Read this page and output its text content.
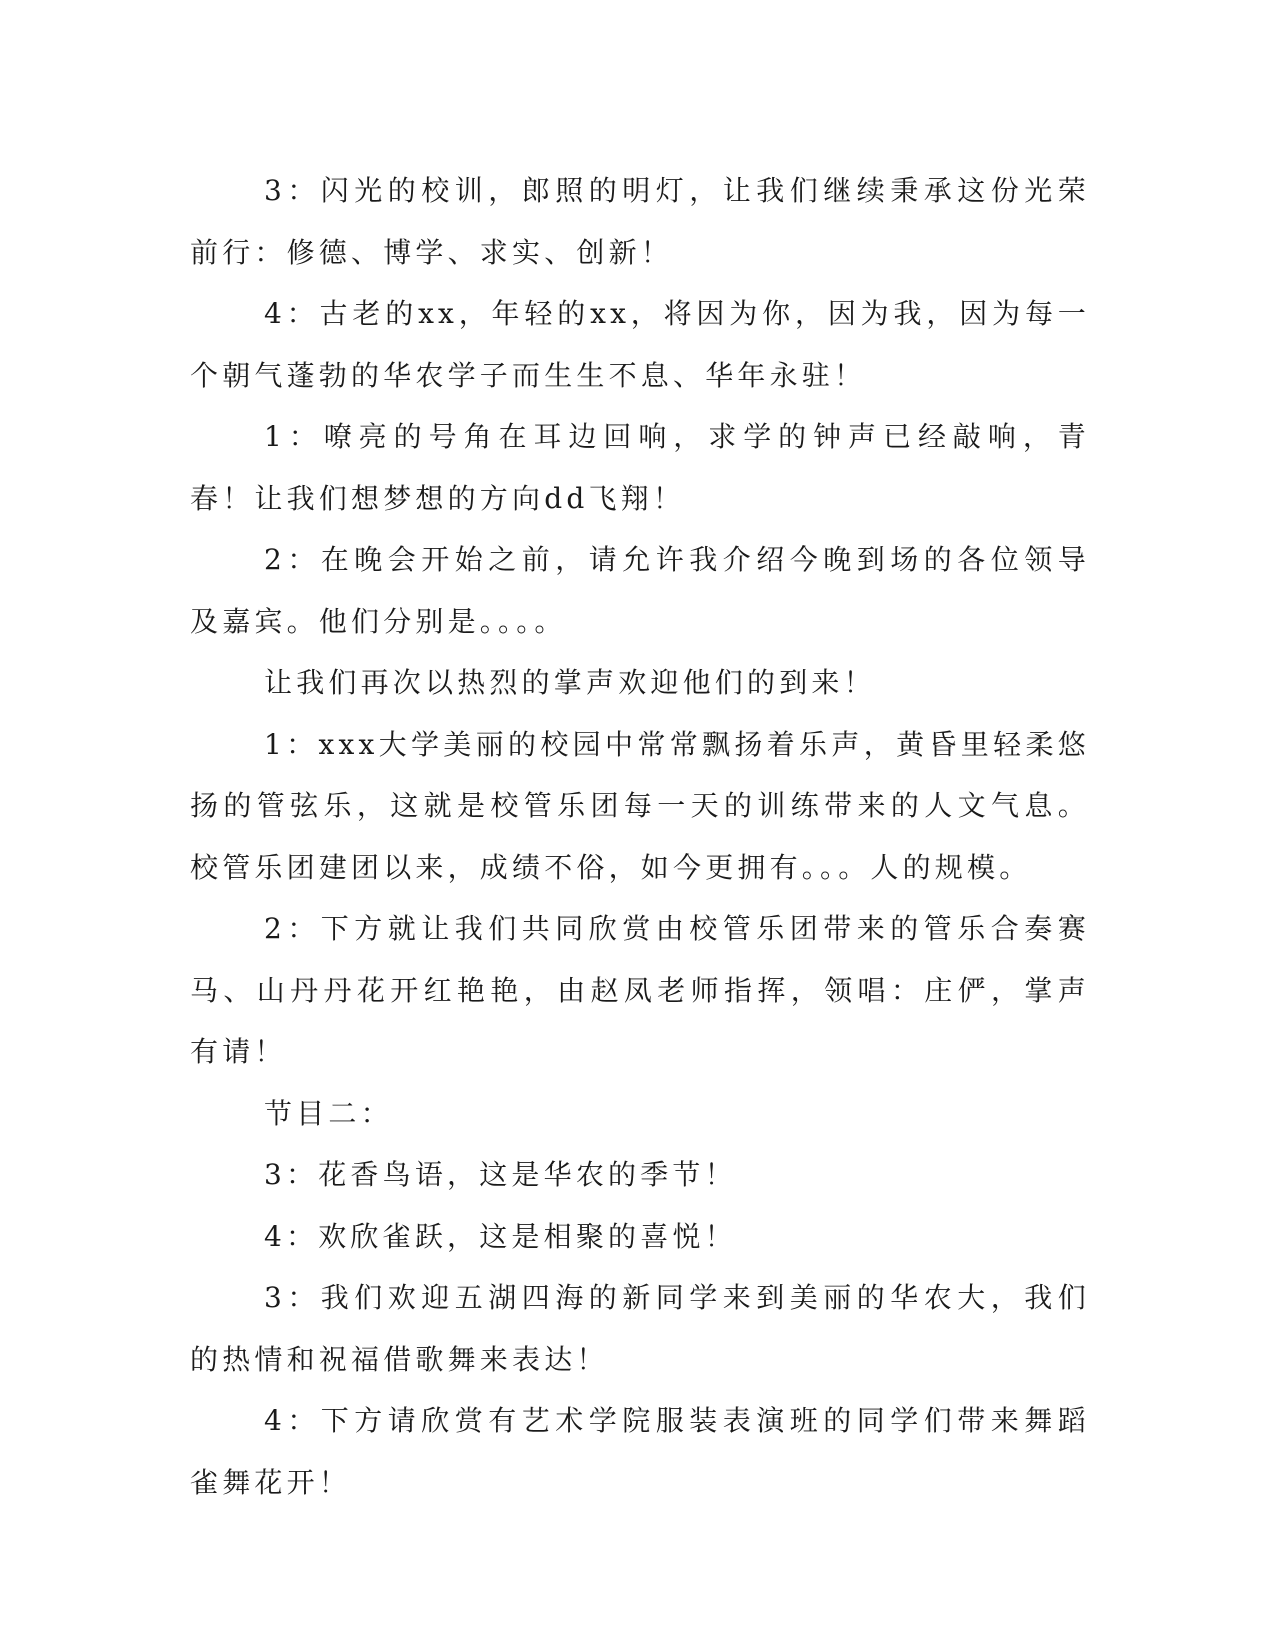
3：闪光的校训，郎照的明灯，让我们继续秉承这份光荣前行：修德、博学、求实、创新！

4：古老的xx，年轻的xx，将因为你，因为我，因为每一个朝气蓬勃的华农学子而生生不息、华年永驻！

1：嘹亮的号角在耳边回响，求学的钟声已经敲响，青春！让我们想梦想的方向dd飞翔！

2：在晚会开始之前，请允许我介绍今晚到场的各位领导及嘉宾。他们分别是。。。。

让我们再次以热烈的掌声欢迎他们的到来！

1：xxx大学美丽的校园中常常飘扬着乐声，黄昏里轻柔悠扬的管弦乐，这就是校管乐团每一天的训练带来的人文气息。校管乐团建团以来，成绩不俗，如今更拥有。。。人的规模。

2：下方就让我们共同欣赏由校管乐团带来的管乐合奏赛马、山丹丹花开红艳艳，由赵凤老师指挥，领唱：庄俨，掌声有请！

节目二：

3：花香鸟语，这是华农的季节！

4：欢欣雀跃，这是相聚的喜悦！

3：我们欢迎五湖四海的新同学来到美丽的华农大，我们的热情和祝福借歌舞来表达！

4：下方请欣赏有艺术学院服装表演班的同学们带来舞蹈雀舞花开！
